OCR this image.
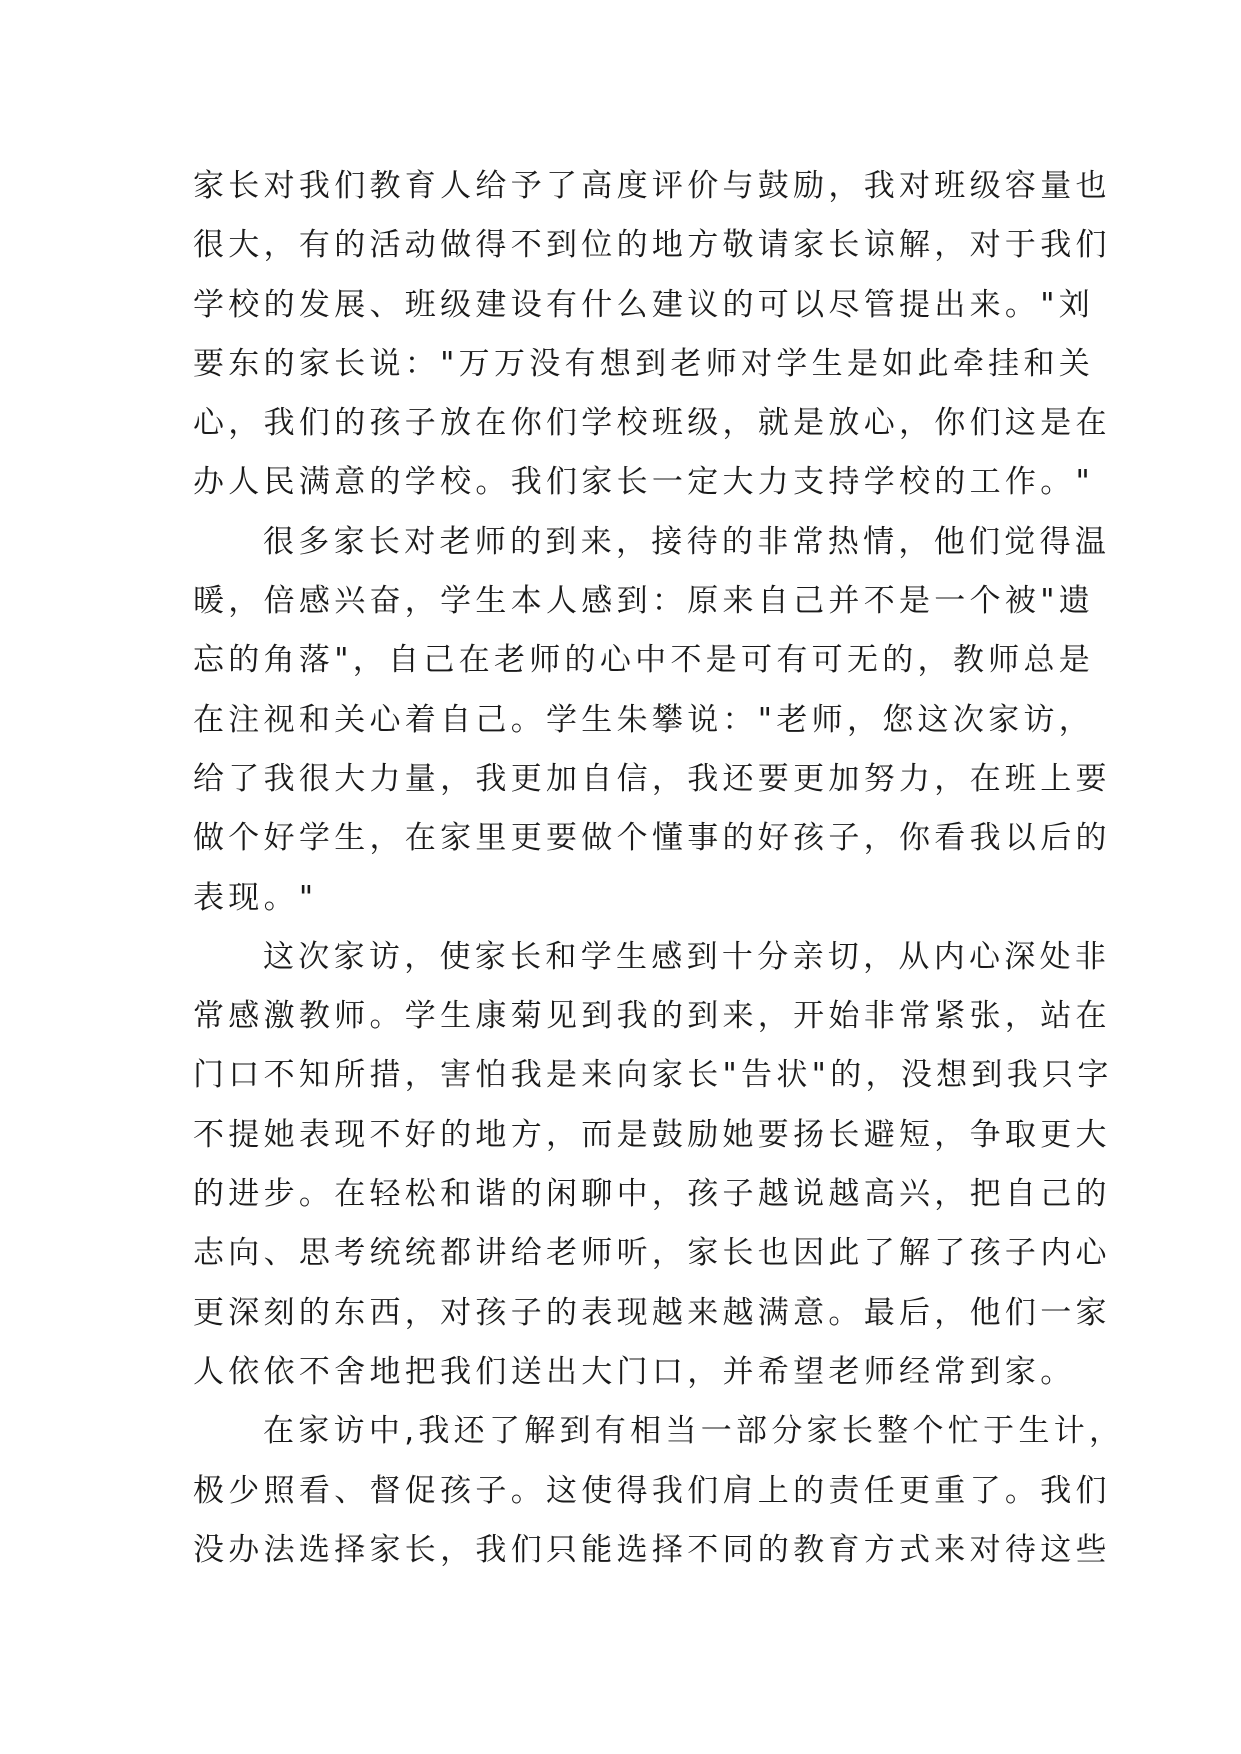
家长对我们教育人给予了高度评价与鼓励，我对班级容量也
很大，有的活动做得不到位的地方敬请家长谅解，对于我们
学校的发展、班级建设有什么建议的可以尽管提出来。"刘
要东的家长说："万万没有想到老师对学生是如此牵挂和关
心，我们的孩子放在你们学校班级，就是放心，你们这是在
办人民满意的学校。我们家长一定大力支持学校的工作。"
很多家长对老师的到来，接待的非常热情，他们觉得温
暖，倍感兴奋，学生本人感到：原来自己并不是一个被"遗
忘的角落"，自己在老师的心中不是可有可无的，教师总是
在注视和关心着自己。学生朱攀说："老师，您这次家访，
给了我很大力量，我更加自信，我还要更加努力，在班上要
做个好学生，在家里更要做个懂事的好孩子，你看我以后的
表现。"
这次家访，使家长和学生感到十分亲切，从内心深处非
常感激教师。学生康菊见到我的到来，开始非常紧张，站在
门口不知所措，害怕我是来向家长"告状"的，没想到我只字
不提她表现不好的地方，而是鼓励她要扬长避短，争取更大
的进步。在轻松和谐的闲聊中，孩子越说越高兴，把自己的
志向、思考统统都讲给老师听，家长也因此了解了孩子内心
更深刻的东西，对孩子的表现越来越满意。最后，他们一家
人依依不舍地把我们送出大门口，并希望老师经常到家。
在家访中,我还了解到有相当一部分家长整个忙于生计，
极少照看、督促孩子。这使得我们肩上的责任更重了。我们
没办法选择家长，我们只能选择不同的教育方式来对待这些
